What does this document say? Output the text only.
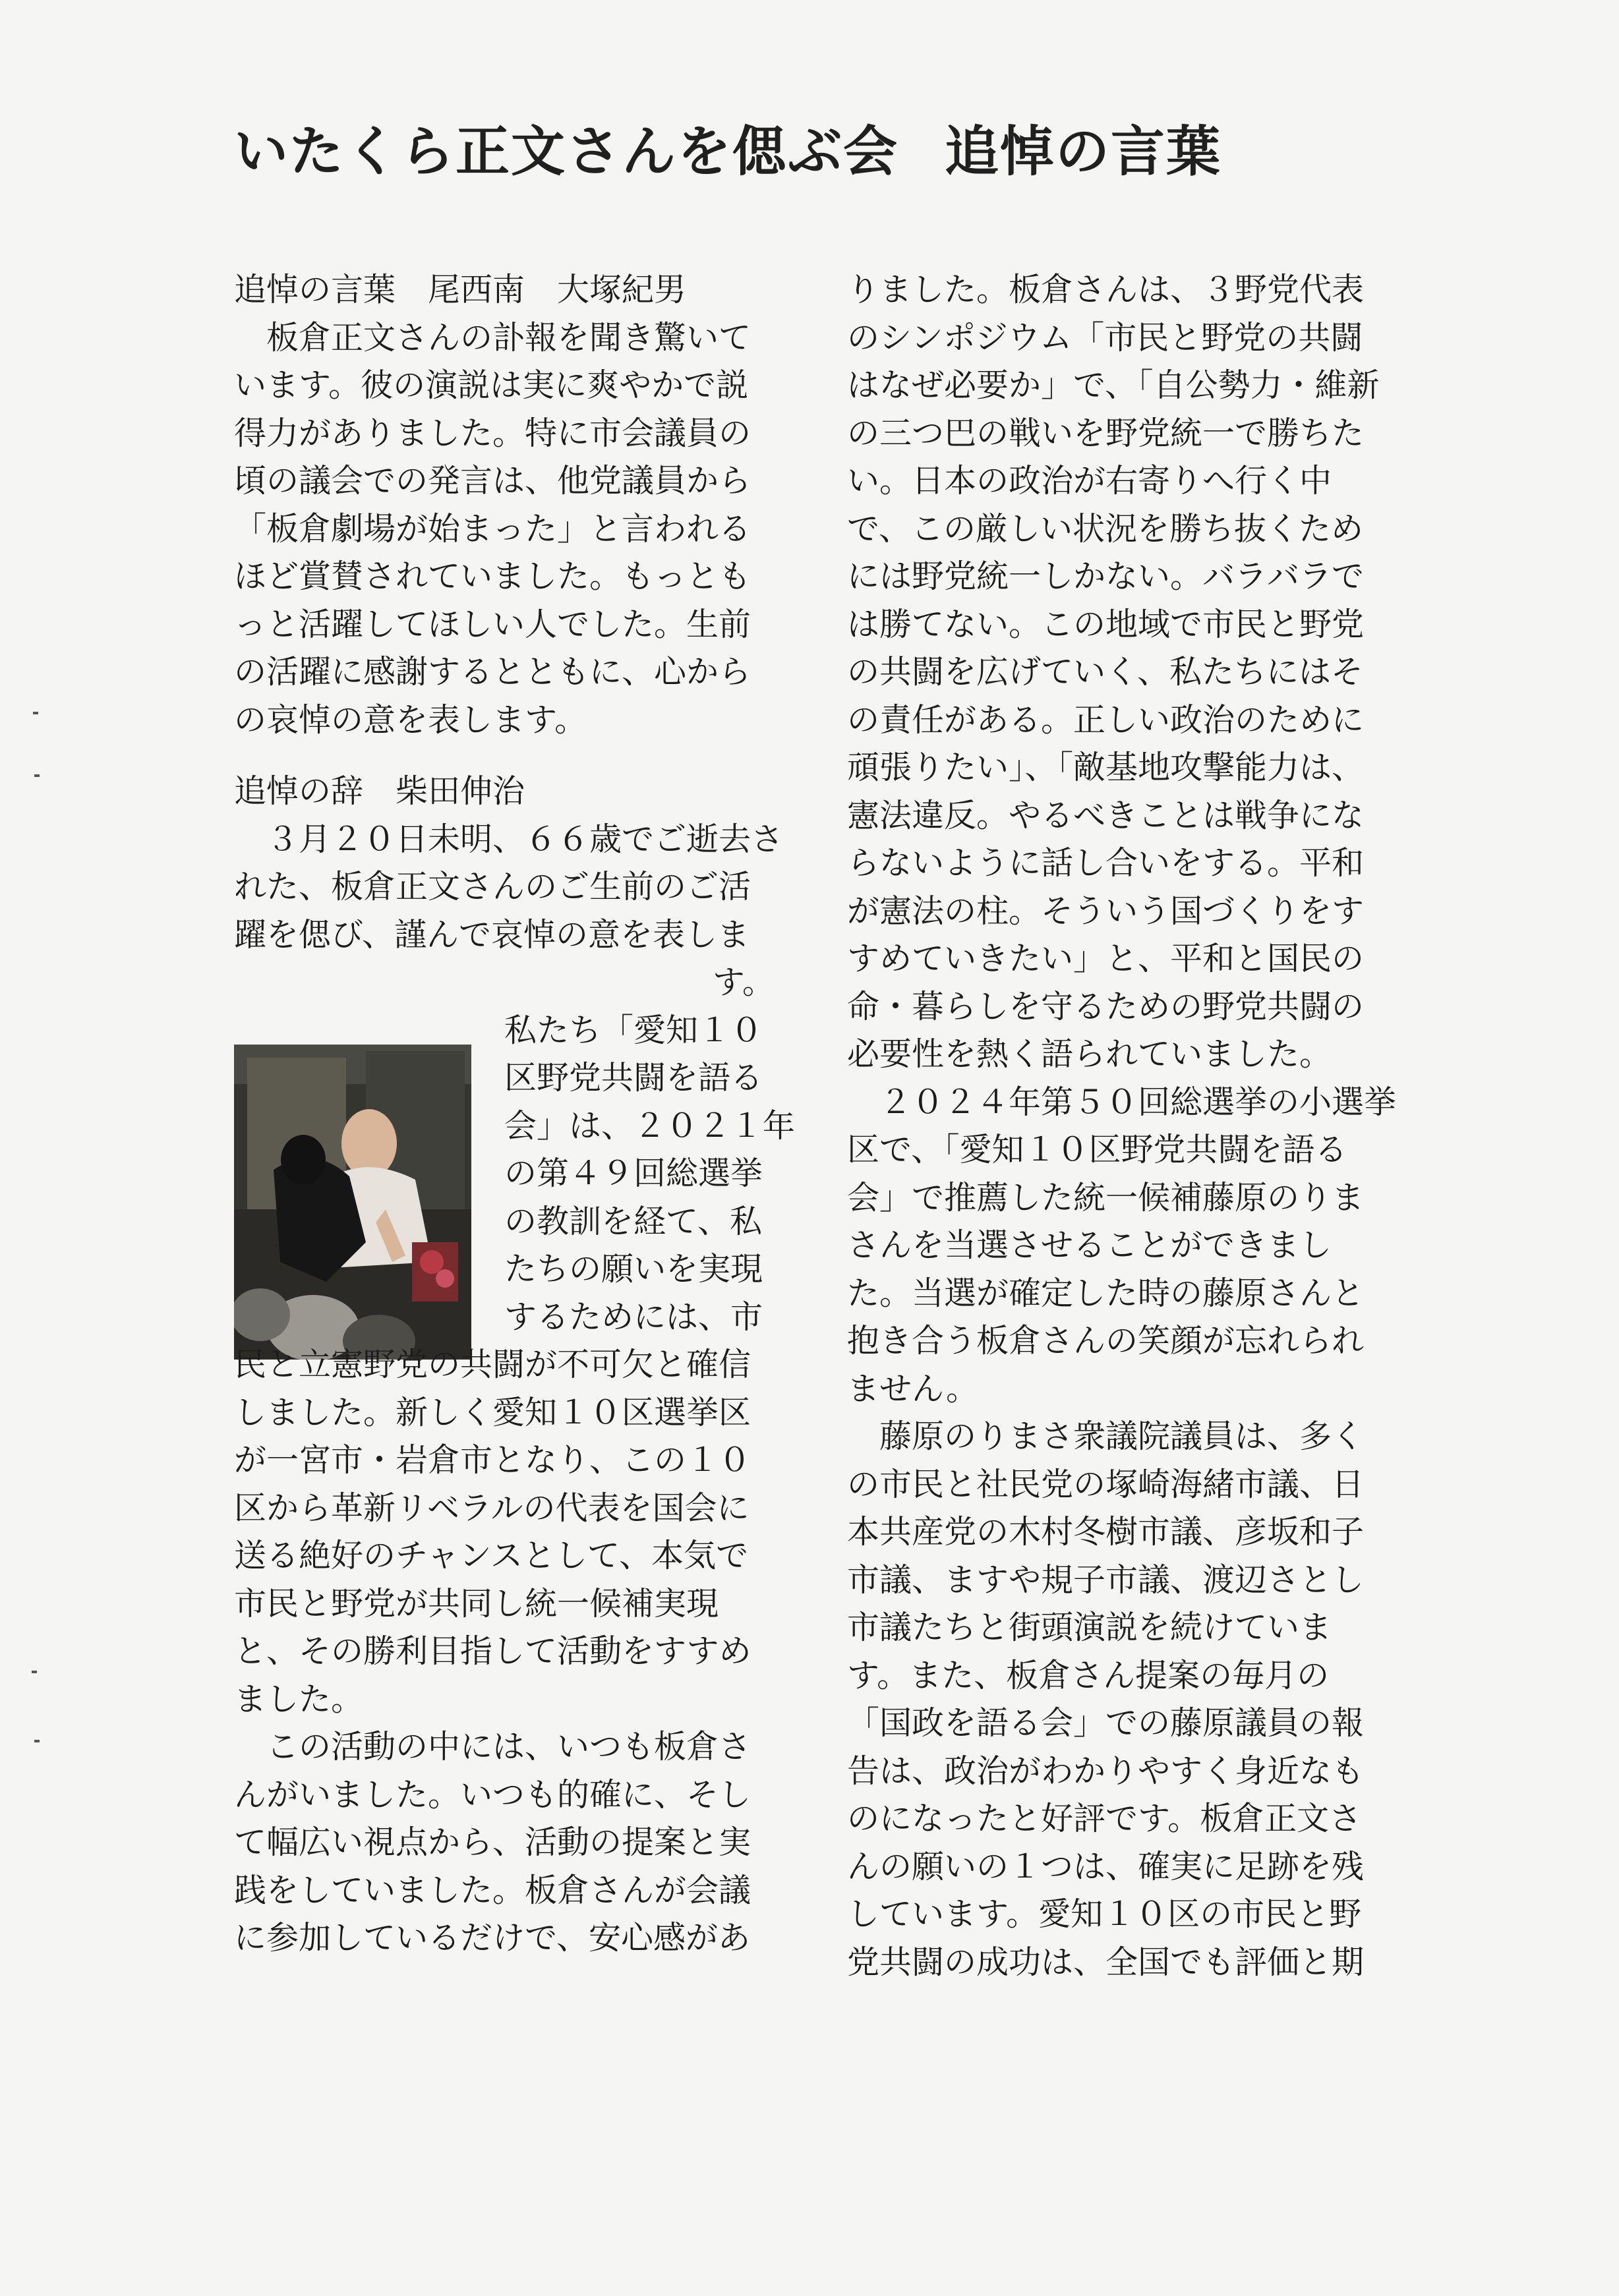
いたくら正文さんを偲ぶ会 追悼の言葉
追悼の言葉　尾西南　大塚紀男
　板倉正文さんの訃報を聞き驚いて
います。彼の演説は実に爽やかで説
得力がありました。特に市会議員の
頃の議会での発言は、他党議員から
「板倉劇場が始まった」と言われる
ほど賞賛されていました。もっとも
っと活躍してほしい人でした。生前
の活躍に感謝するとともに、心から
の哀悼の意を表します。
追悼の辞　柴田伸治
　３月２０日未明、６６歳でご逝去さ
れた、板倉正文さんのご生前のご活
躍を偲び、謹んで哀悼の意を表しま
す。
私たち「愛知１０
区野党共闘を語る
会」は、２０２１年
の第４９回総選挙
の教訓を経て、私
たちの願いを実現
するためには、市
民と立憲野党の共闘が不可欠と確信
しました。新しく愛知１０区選挙区
が一宮市・岩倉市となり、この１０
区から革新リベラルの代表を国会に
送る絶好のチャンスとして、本気で
市民と野党が共同し統一候補実現
と、その勝利目指して活動をすすめ
ました。
　この活動の中には、いつも板倉さ
んがいました。いつも的確に、そし
て幅広い視点から、活動の提案と実
践をしていました。板倉さんが会議
に参加しているだけで、安心感があ
りました。板倉さんは、３野党代表
のシンポジウム「市民と野党の共闘
はなぜ必要か」で、「自公勢力・維新
の三つ巴の戦いを野党統一で勝ちた
い。日本の政治が右寄りへ行く中
で、この厳しい状況を勝ち抜くため
には野党統一しかない。バラバラで
は勝てない。この地域で市民と野党
の共闘を広げていく、私たちにはそ
の責任がある。正しい政治のために
頑張りたい」、「敵基地攻撃能力は、
憲法違反。やるべきことは戦争にな
らないように話し合いをする。平和
が憲法の柱。そういう国づくりをす
すめていきたい」と、平和と国民の
命・暮らしを守るための野党共闘の
必要性を熱く語られていました。
　２０２４年第５０回総選挙の小選挙
区で、「愛知１０区野党共闘を語る
会」で推薦した統一候補藤原のりま
さんを当選させることができまし
た。当選が確定した時の藤原さんと
抱き合う板倉さんの笑顔が忘れられ
ません。
　藤原のりまさ衆議院議員は、多く
の市民と社民党の塚崎海緒市議、日
本共産党の木村冬樹市議、彦坂和子
市議、ますや規子市議、渡辺さとし
市議たちと街頭演説を続けていま
す。また、板倉さん提案の毎月の
「国政を語る会」での藤原議員の報
告は、政治がわかりやすく身近なも
のになったと好評です。板倉正文さ
んの願いの１つは、確実に足跡を残
しています。愛知１０区の市民と野
党共闘の成功は、全国でも評価と期
